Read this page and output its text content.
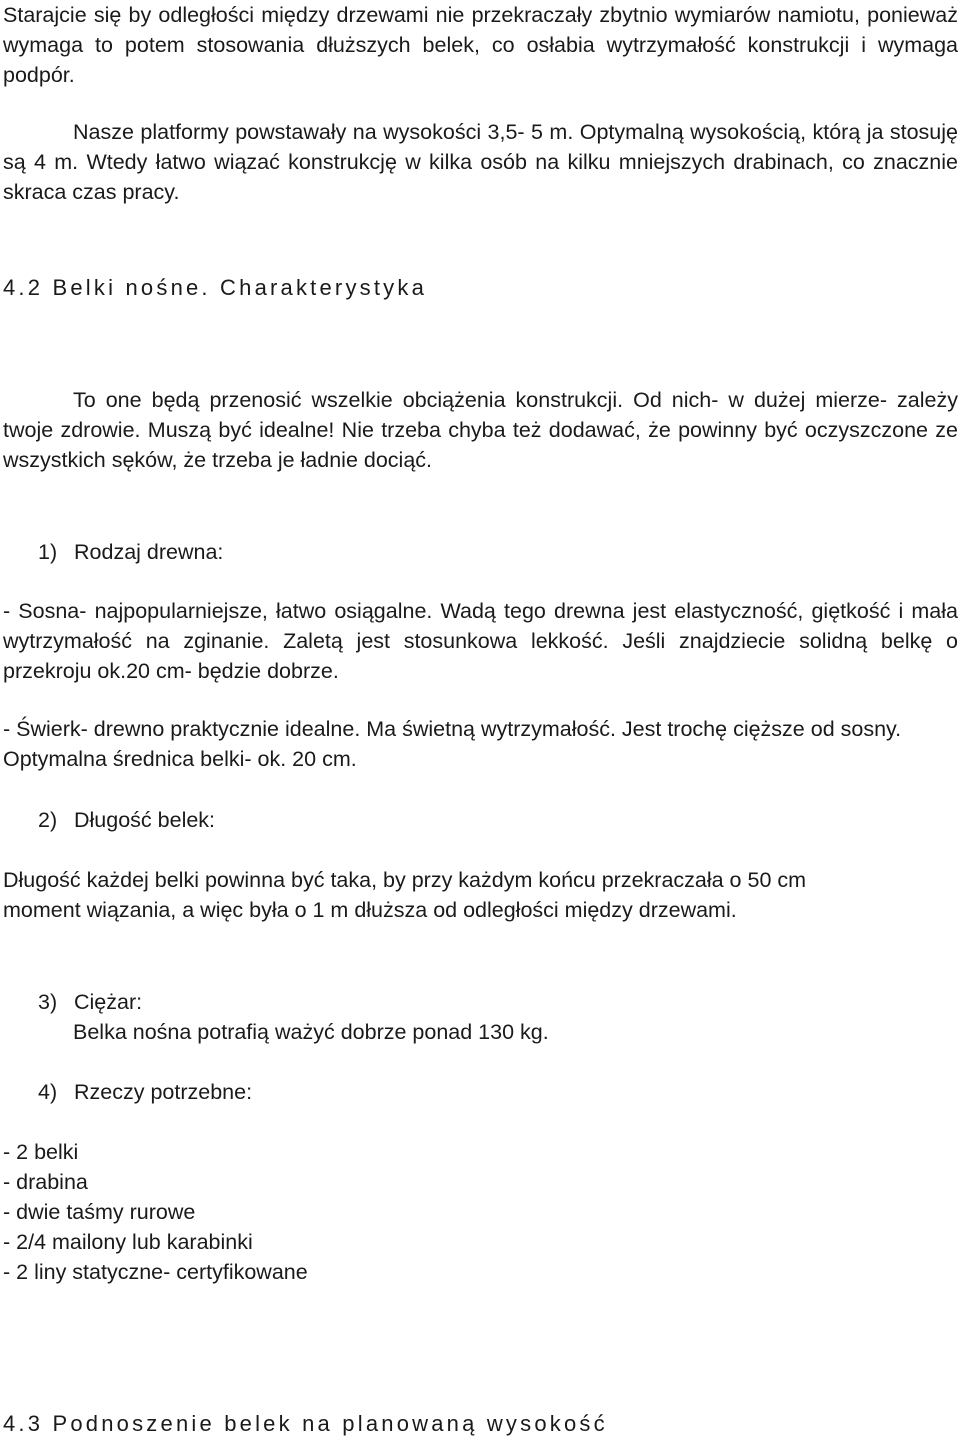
Starajcie się by odległości między drzewami nie przekraczały zbytnio wymiarów namiotu, ponieważ wymaga to potem stosowania dłuższych belek, co osłabia wytrzymałość konstrukcji i wymaga podpór.

Nasze platformy powstawały na wysokości 3,5- 5 m. Optymalną wysokością, którą ja stosuję są 4 m. Wtedy łatwo wiązać konstrukcję w kilka osób na kilku mniejszych drabinach, co znacznie skraca czas pracy.

4.2 Belki nośne. Charakterystyka

To one będą przenosić wszelkie obciążenia konstrukcji. Od nich- w dużej mierze- zależy twoje zdrowie. Muszą być idealne! Nie trzeba chyba też dodawać, że powinny być oczyszczone ze wszystkich sęków, że trzeba je ładnie dociąć.

1) Rodzaj drewna:

- Sosna- najpopularniejsze, łatwo osiągalne. Wadą tego drewna jest elastyczność, giętkość i mała wytrzymałość na zginanie. Zaletą jest stosunkowa lekkość. Jeśli znajdziecie solidną belkę o przekroju ok.20 cm- będzie dobrze.

- Świerk- drewno praktycznie idealne. Ma świetną wytrzymałość. Jest trochę cięższe od sosny. Optymalna średnica belki- ok. 20 cm.

2) Długość belek:

Długość każdej belki powinna być taka, by przy każdym końcu przekraczała o 50 cm moment wiązania, a więc była o 1 m dłuższa od odległości między drzewami.

3) Ciężar:
Belka nośna potrafią ważyć dobrze ponad 130 kg.
4) Rzeczy potrzebne:
- 2 belki
- drabina
- dwie taśmy rurowe
- 2/4 mailony lub karabinki
- 2 liny statyczne- certyfikowane
4.3 Podnoszenie belek na planowaną wysokość
